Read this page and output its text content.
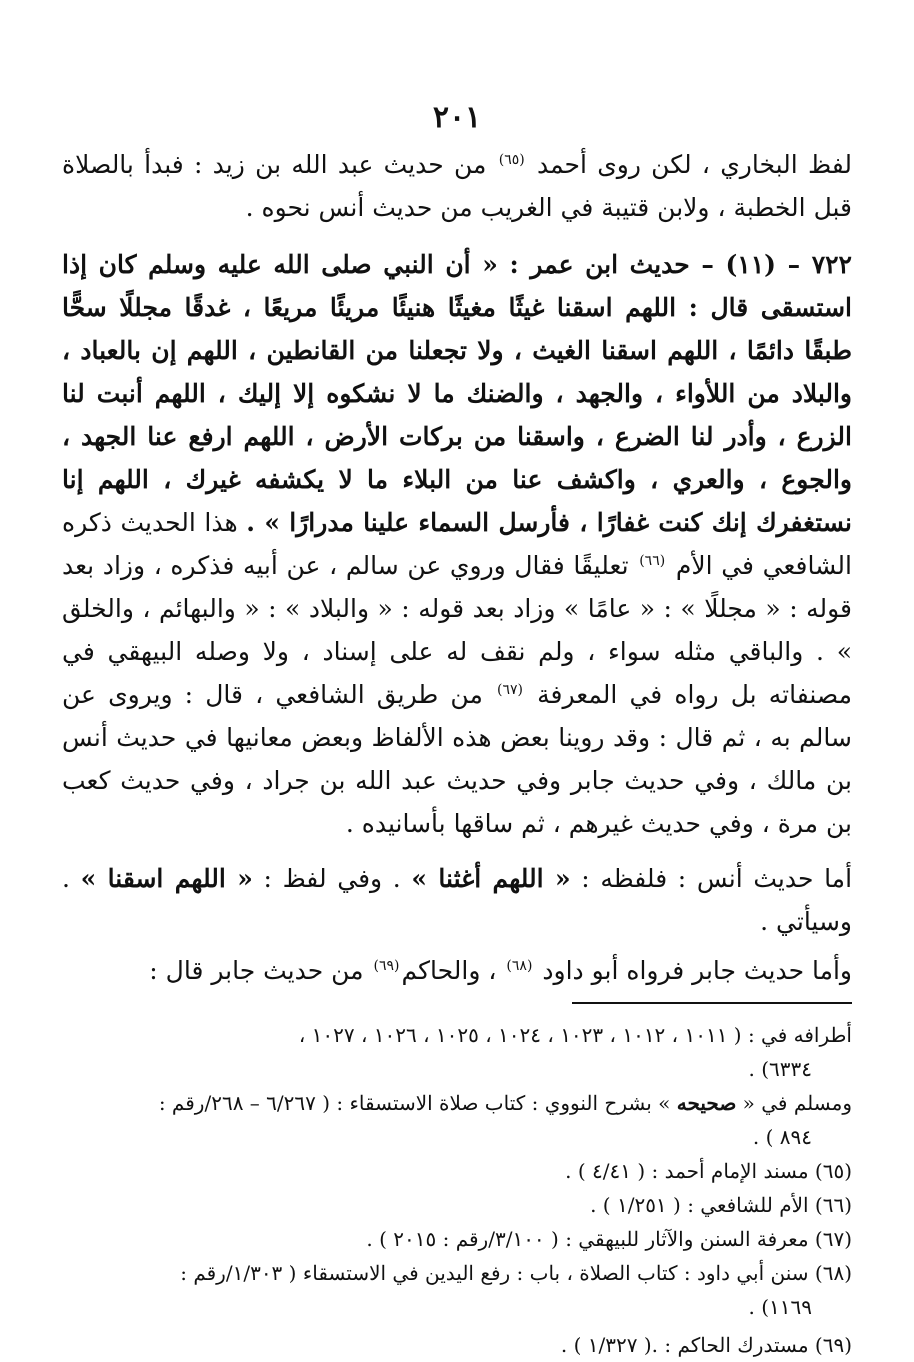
٢٠١

لفظ البخاري ، لكن روى أحمد $^{(٦٥)}$ من حديث عبد الله بن زيد : فبدأ بالصلاة قبل الخطبة ، ولابن قتيبة في الغريب من حديث أنس نحوه .

٧٢٢ – (١١) – حديث ابن عمر : « أن النبي صلى الله عليه وسلم كان إذا استسقى قال : اللهم اسقنا غيثًا مغيثًا هنيئًا مريئًا مريعًا ، غدقًا مجللًا سحًّا طبقًا دائمًا ، اللهم اسقنا الغيث ، ولا تجعلنا من القانطين ، اللهم إن بالعباد ، والبلاد من اللأواء ، والجهد ، والضنك ما لا نشكوه إلا إليك ، اللهم أنبت لنا الزرع ، وأدر لنا الضرع ، واسقنا من بركات الأرض ، اللهم ارفع عنا الجهد ، والجوع ، والعري ، واكشف عنا من البلاء ما لا يكشفه غيرك ، اللهم إنا نستغفرك إنك كنت غفارًا ، فأرسل السماء علينا مدرارًا » . هذا الحديث ذكره الشافعي في الأم $^{(٦٦)}$ تعليقًا فقال وروي عن سالم ، عن أبيه فذكره ، وزاد بعد قوله : « مجللًا » : « عامًا » وزاد بعد قوله : « والبلاد » : « والبهائم ، والخلق » . والباقي مثله سواء ، ولم نقف له على إسناد ، ولا وصله البيهقي في مصنفاته بل رواه في المعرفة $^{(٦٧)}$ من طريق الشافعي ، قال : ويروى عن سالم به ، ثم قال : وقد روينا بعض هذه الألفاظ وبعض معانيها في حديث أنس بن مالك ، وفي حديث جابر وفي حديث عبد الله بن جراد ، وفي حديث كعب بن مرة ، وفي حديث غيرهم ، ثم ساقها بأسانيده .

أما حديث أنس : فلفظه : « اللهم أغثنا » . وفي لفظ : « اللهم اسقنا » . وسيأتي .

وأما حديث جابر فرواه أبو داود $^{(٦٨)}$ ، والحاكم$^{(٦٩)}$ من حديث جابر قال :

أطرافه في : ( ١٠١١ ، ١٠١٢ ، ١٠٢٣ ، ١٠٢٤ ، ١٠٢٥ ، ١٠٢٦ ، ١٠٢٧ ،
٦٣٣٤) .

ومسلم في « صحيحه » بشرح النووي : كتاب صلاة الاستسقاء : ( ٦/٢٦٧ – ٢٦٨/رقم :
٨٩٤ ) .

(٦٥) مسند الإمام أحمد : ( ٤/٤١ ) .

(٦٦) الأم للشافعي : ( ١/٢٥١ ) .

(٦٧) معرفة السنن والآثار للبيهقي : ( ٣/١٠٠/رقم : ٢٠١٥ ) .

(٦٨) سنن أبي داود : كتاب الصلاة ، باب : رفع اليدين في الاستسقاء ( ١/٣٠٣/رقم :
١١٦٩) .

(٦٩) مستدرك الحاكم : .( ١/٣٢٧ ) .
